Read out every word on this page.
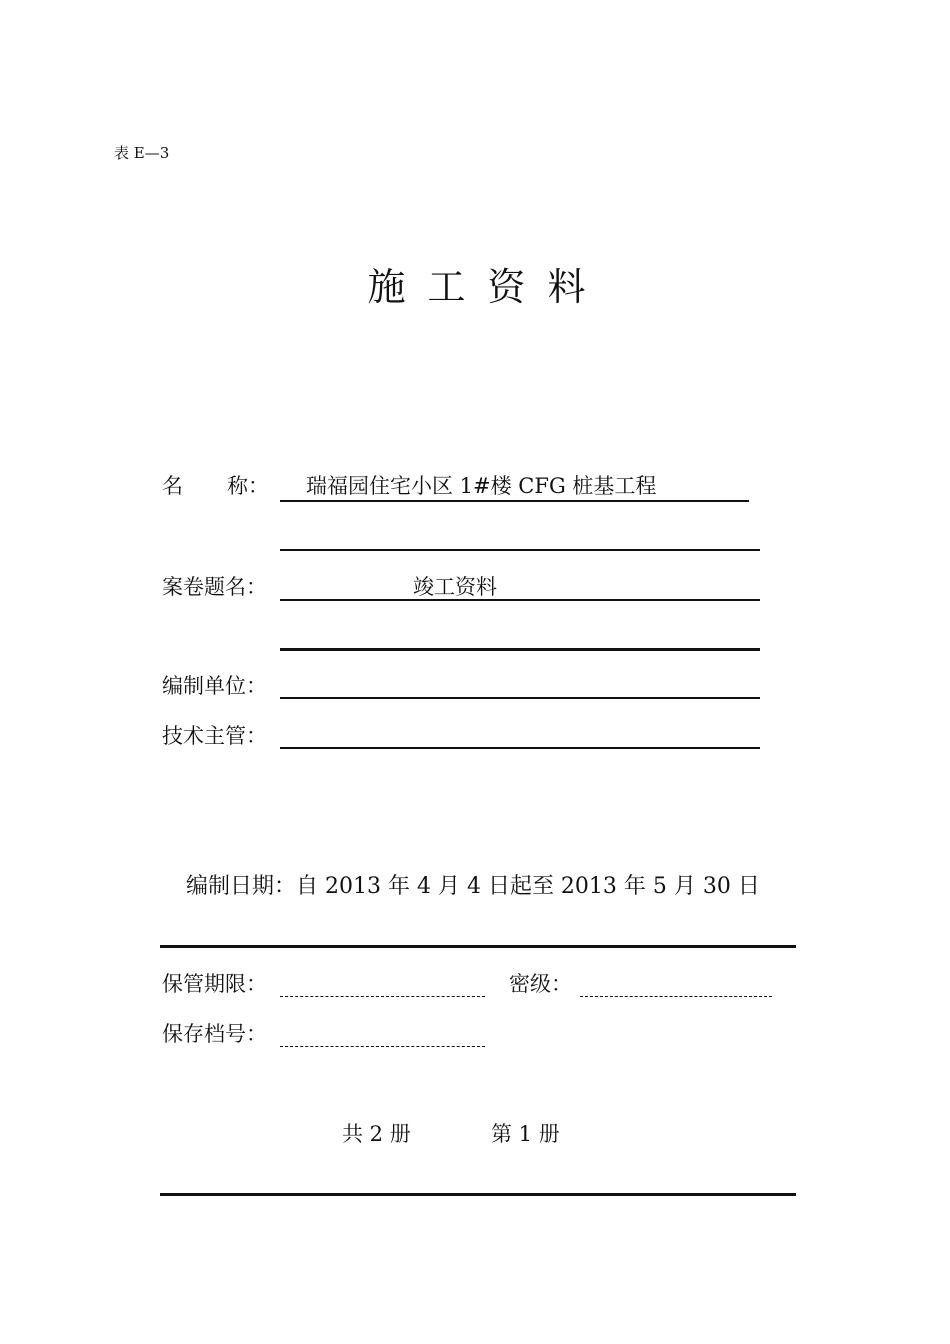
表 E—3
施工资料
名 称： 瑞福园住宅小区 1#楼 CFG 桩基工程
案卷题名：	竣工资料
编制单位：
技术主管：
编制日期：自 2013 年 4 月 4 日起至 2013 年 5 月 30 日
保管期限：	密级：
保存档号：
共 2 册	第 1 册
